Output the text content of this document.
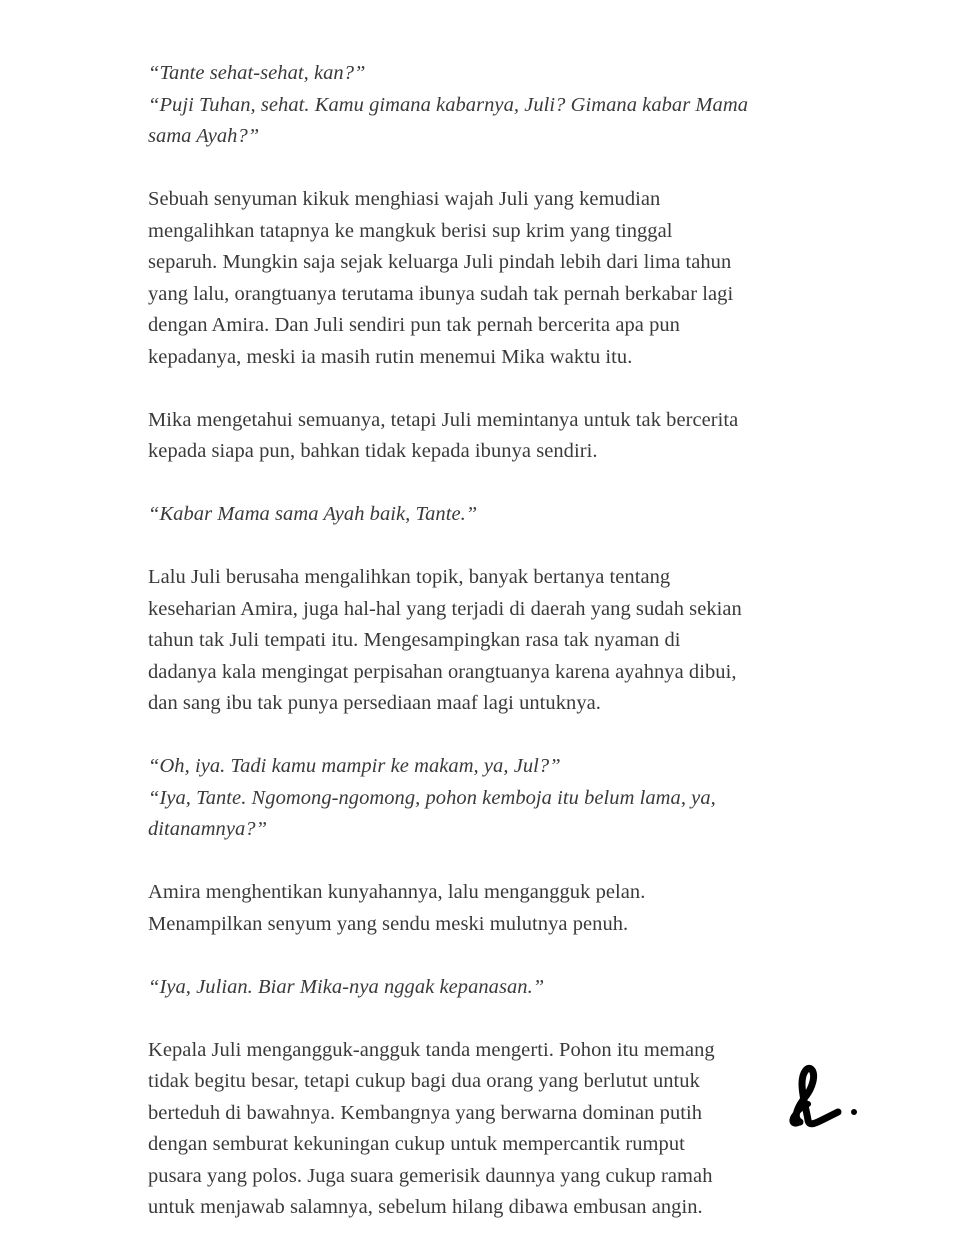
“Tante sehat-sehat, kan?”
“Puji Tuhan, sehat. Kamu gimana kabarnya, Juli? Gimana kabar Mama
sama Ayah?”

Sebuah senyuman kikuk menghiasi wajah Juli yang kemudian
mengalihkan tatapnya ke mangkuk berisi sup krim yang tinggal
separuh. Mungkin saja sejak keluarga Juli pindah lebih dari lima tahun
yang lalu, orangtuanya terutama ibunya sudah tak pernah berkabar lagi
dengan Amira. Dan Juli sendiri pun tak pernah bercerita apa pun
kepadanya, meski ia masih rutin menemui Mika waktu itu.

Mika mengetahui semuanya, tetapi Juli memintanya untuk tak bercerita
kepada siapa pun, bahkan tidak kepada ibunya sendiri.

“Kabar Mama sama Ayah baik, Tante.”

Lalu Juli berusaha mengalihkan topik, banyak bertanya tentang
keseharian Amira, juga hal-hal yang terjadi di daerah yang sudah sekian
tahun tak Juli tempati itu. Mengesampingkan rasa tak nyaman di
dadanya kala mengingat perpisahan orangtuanya karena ayahnya dibui,
dan sang ibu tak punya persediaan maaf lagi untuknya.

“Oh, iya. Tadi kamu mampir ke makam, ya, Jul?”
“Iya, Tante. Ngomong-ngomong, pohon kemboja itu belum lama, ya,
ditanamnya?”

Amira menghentikan kunyahannya, lalu mengangguk pelan.
Menampilkan senyum yang sendu meski mulutnya penuh.

“Iya, Julian. Biar Mika-nya nggak kepanasan.”

Kepala Juli mengangguk-angguk tanda mengerti. Pohon itu memang
tidak begitu besar, tetapi cukup bagi dua orang yang berlutut untuk
berteduh di bawahnya. Kembangnya yang berwarna dominan putih
dengan semburat kekuningan cukup untuk mempercantik rumput
pusara yang polos. Juga suara gemerisik daunnya yang cukup ramah
untuk menjawab salamnya, sebelum hilang dibawa embusan angin.
